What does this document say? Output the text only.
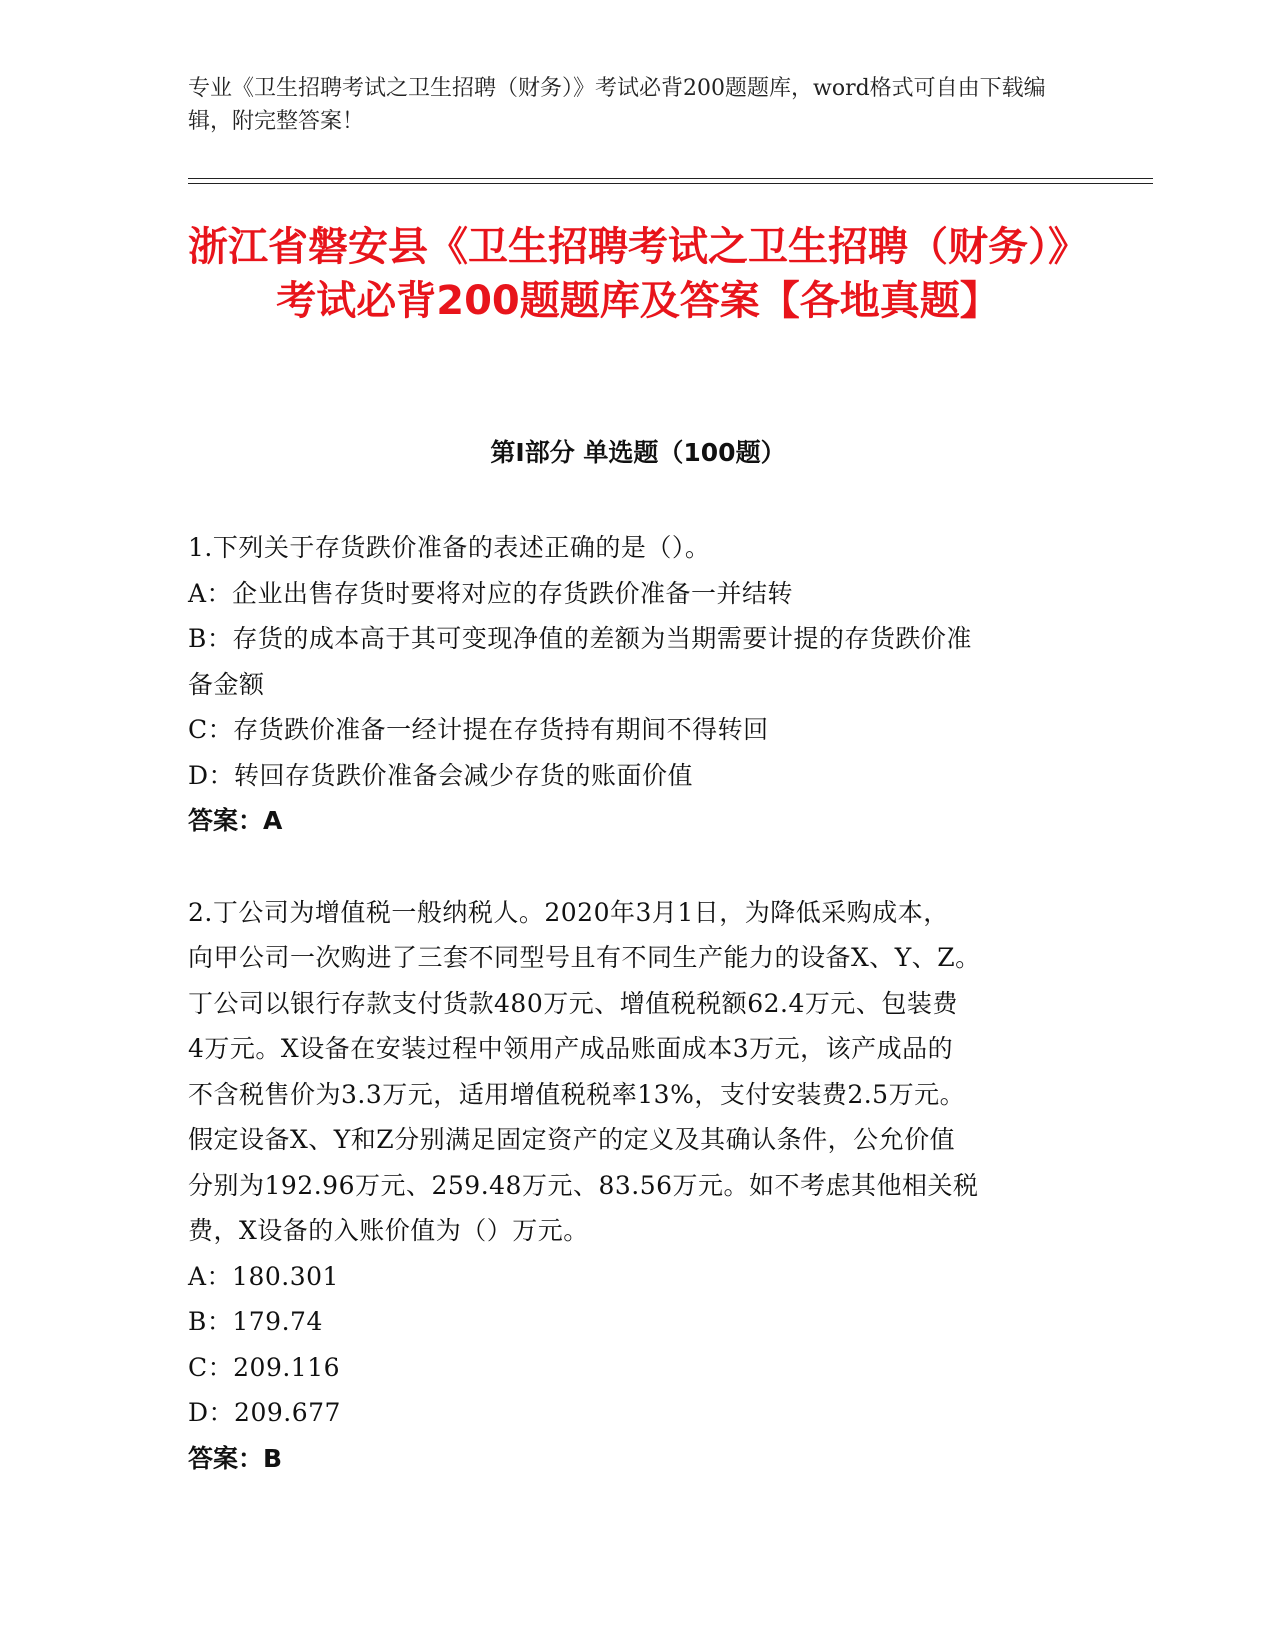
专业《卫生招聘考试之卫生招聘（财务）》考试必背200题题库，word格式可自由下载编辑，附完整答案！
浙江省磐安县《卫生招聘考试之卫生招聘（财务）》考试必背200题题库及答案【各地真题】
第I部分 单选题（100题）
1.下列关于存货跌价准备的表述正确的是（）。
A：企业出售存货时要将对应的存货跌价准备一并结转
B：存货的成本高于其可变现净值的差额为当期需要计提的存货跌价准
备金额
C：存货跌价准备一经计提在存货持有期间不得转回
D：转回存货跌价准备会减少存货的账面价值
答案：A
2.丁公司为增值税一般纳税人。2020年3月1日，为降低采购成本，
向甲公司一次购进了三套不同型号且有不同生产能力的设备X、Y、Z。
丁公司以银行存款支付货款480万元、增值税税额62.4万元、包装费
4万元。X设备在安装过程中领用产成品账面成本3万元，该产成品的
不含税售价为3.3万元，适用增值税税率13%，支付安装费2.5万元。
假定设备X、Y和Z分别满足固定资产的定义及其确认条件，公允价值
分别为192.96万元、259.48万元、83.56万元。如不考虑其他相关税
费，X设备的入账价值为（）万元。
A：180.301
B：179.74
C：209.116
D：209.677
答案：B
